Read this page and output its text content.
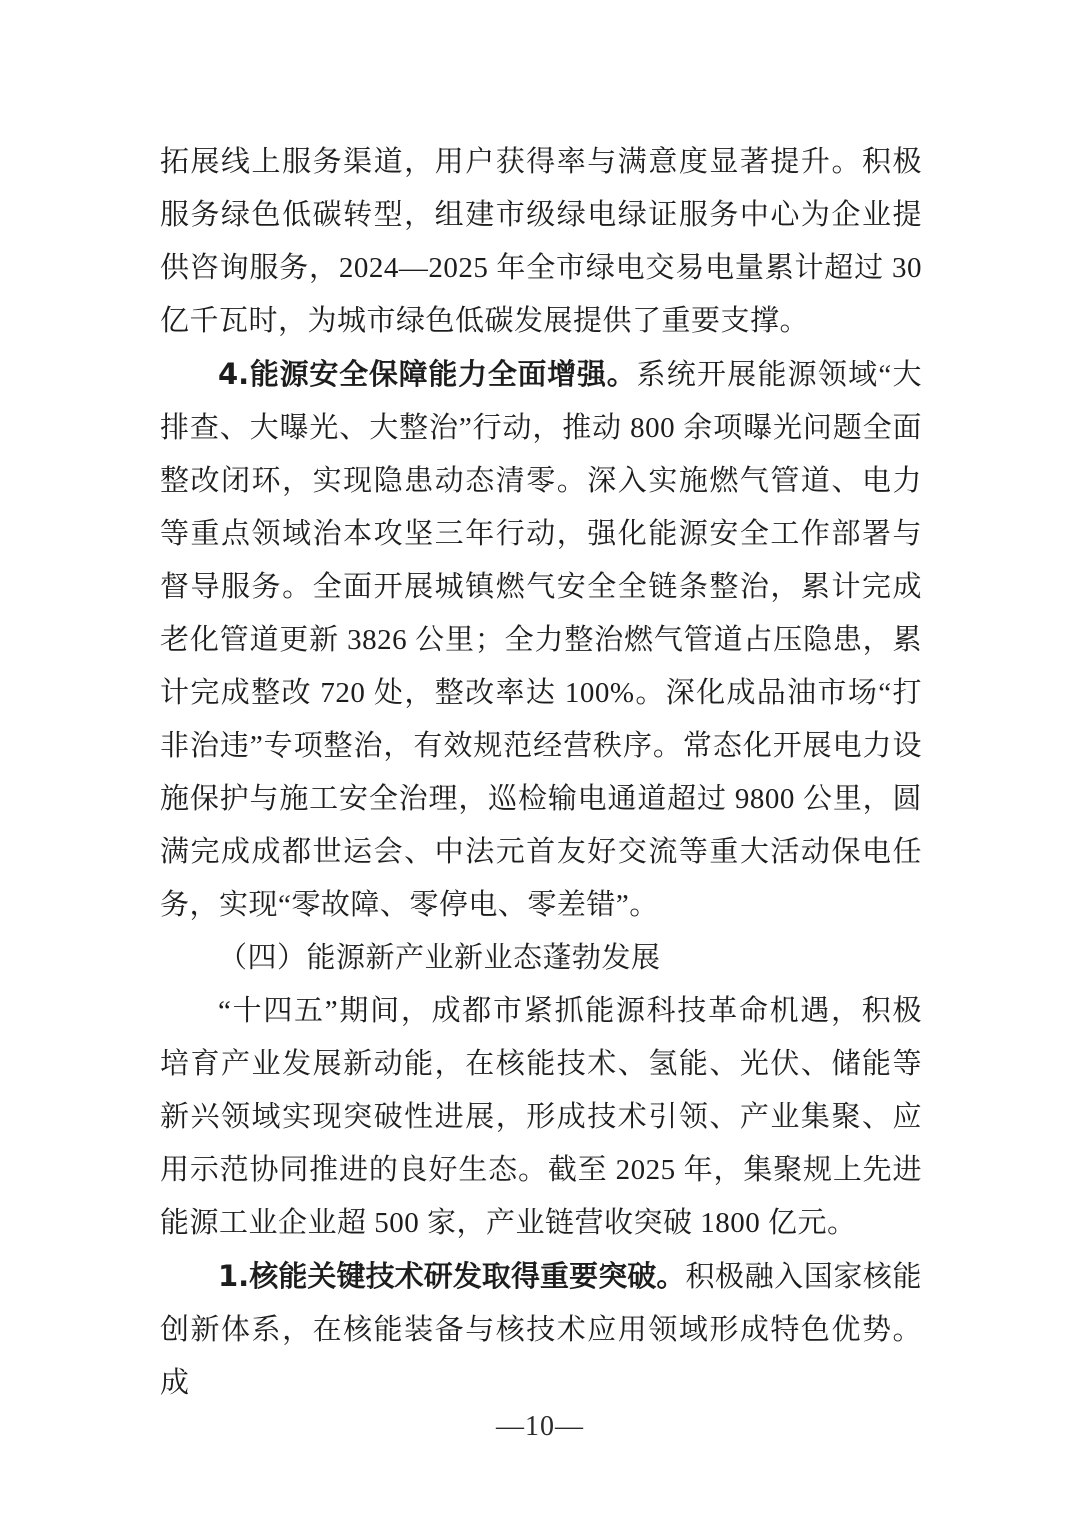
拓展线上服务渠道，用户获得率与满意度显著提升。积极服务绿色低碳转型，组建市级绿电绿证服务中心为企业提供咨询服务，2024—2025 年全市绿电交易电量累计超过 30 亿千瓦时，为城市绿色低碳发展提供了重要支撑。

4.能源安全保障能力全面增强。系统开展能源领域“大排查、大曝光、大整治”行动，推动 800 余项曝光问题全面整改闭环，实现隐患动态清零。深入实施燃气管道、电力等重点领域治本攻坚三年行动，强化能源安全工作部署与督导服务。全面开展城镇燃气安全全链条整治，累计完成老化管道更新 3826 公里；全力整治燃气管道占压隐患，累计完成整改 720 处，整改率达 100%。深化成品油市场“打非治违”专项整治，有效规范经营秩序。常态化开展电力设施保护与施工安全治理，巡检输电通道超过 9800 公里，圆满完成成都世运会、中法元首友好交流等重大活动保电任务，实现“零故障、零停电、零差错”。

（四）能源新产业新业态蓬勃发展

“十四五”期间，成都市紧抓能源科技革命机遇，积极培育产业发展新动能，在核能技术、氢能、光伏、储能等新兴领域实现突破性进展，形成技术引领、产业集聚、应用示范协同推进的良好生态。截至 2025 年，集聚规上先进能源工业企业超 500 家，产业链营收突破 1800 亿元。

1.核能关键技术研发取得重要突破。积极融入国家核能创新体系，在核能装备与核技术应用领域形成特色优势。成

—10—
